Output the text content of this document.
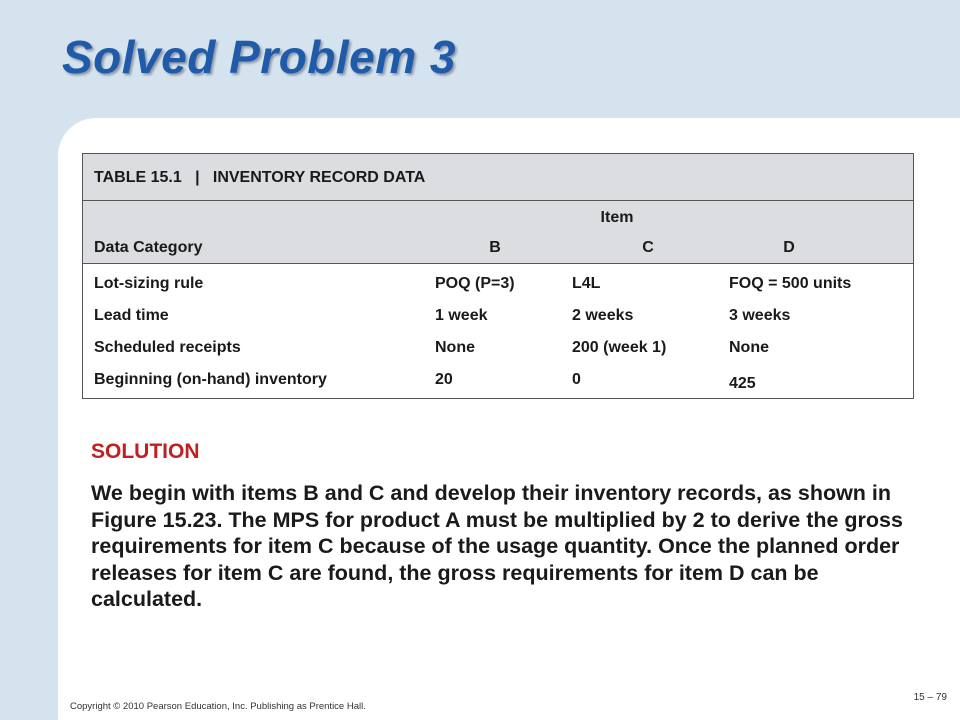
Solved Problem 3
TABLE 15.1   |   INVENTORY RECORD DATA
Item
Data Category	B	C	D
Lot-sizing rule	POQ (P=3)	L4L	FOQ = 500 units
Lead time	1 week	2 weeks	3 weeks
Scheduled receipts	None	200 (week 1)	None
Beginning (on-hand) inventory	20	0	425
SOLUTION

We begin with items B and C and develop their inventory records, as shown in Figure 15.23. The MPS for product A must be multiplied by 2 to derive the gross requirements for item C because of the usage quantity. Once the planned order releases for item C are found, the gross requirements for item D can be calculated.

Copyright © 2010 Pearson Education, Inc. Publishing as Prentice Hall.
15 – 79
